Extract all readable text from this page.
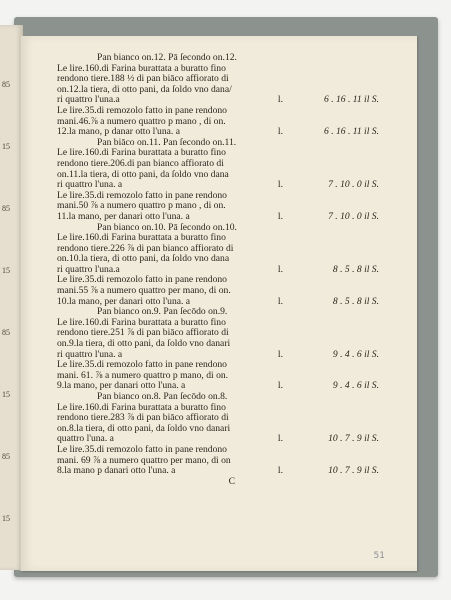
85
15
85
15
85
15
85
15
Pan bianco on.12. Pā ſecondo on.12.
Le lire.160.di Farina burattata a buratto fino
rendono tiere.188 ½ di pan biāco affiorato di
on.12.la tiera, di otto pani, da ſoldo vno dana/
ri quattro l'una.a	l.	6 . 16 . 11 il S.
Le lire.35.di remozolo fatto in pane rendono
mani.46.⅞ a numero quattro p mano , di on.
12.la mano, p danar otto l'una. a	l.	6 . 16 . 11 il S.
Pan biāco on.11. Pan ſecondo on.11.
Le lire.160.di Farina burattata a buratto fino
rendono tiere.206.di pan bianco affiorato di
on.11.la tiera, di otto pani, da ſoldo vno dana
ri quattro l'una. a	l.	7 . 10 . 0 il S.
Le lire.35.di remozolo fatto in pane rendono
mani.50 ⅞ a numero quattro p mano , di on.
11.la mano, per danari otto l'una. a	l.	7 . 10 . 0 il S.
Pan bianco on.10. Pā ſecondo on.10.
Le lire.160.di Farina burattata a buratto fino
rendono tiere.226 ⅞ di pan bianco affiorato di
on.10.la tiera, di otto pani, da ſoldo vno dana
ri quattro l'una.a	l.	8 . 5 . 8 il S.
Le lire.35.di remozolo fatto in pane rendono
mani.55 ⅞ a numero quattro per mano, di on.
10.la mano, per danari otto l'una. a	l.	8 . 5 . 8 il S.
Pan bianco on.9. Pan ſecōdo on.9.
Le lire.160.di Farina burattata a buratto fino
rendono tiere.251 ⅞ di pan biāco affiorato di
on.9.la tiera, di otto pani, da ſoldo vno danari
ri quattro l'una. a	l.	9 . 4 . 6 il S.
Le lire.35.di remozolo fatto in pane rendono
mani. 61. ⅞ a numero quattro p mano, di on.
9.la mano, per danari otto l'una. a	l.	9 . 4 . 6 il S.
Pan bianco on.8. Pan ſecōdo on.8.
Le lire.160.di Farina burattata a buratto fino
rendono tiere.283 ⅞ di pan biāco affiorato di
on.8.la tiera, di otto pani, da ſoldo vno danari
quattro l'una. a	l.	10 . 7 . 9 il S.
Le lire.35.di remozolo fatto in pane rendono
mani. 69 ⅞ a numero quattro per mano, di on
8.la mano p danari otto l'una. a	l.	10 . 7 . 9 il S.
C
51
